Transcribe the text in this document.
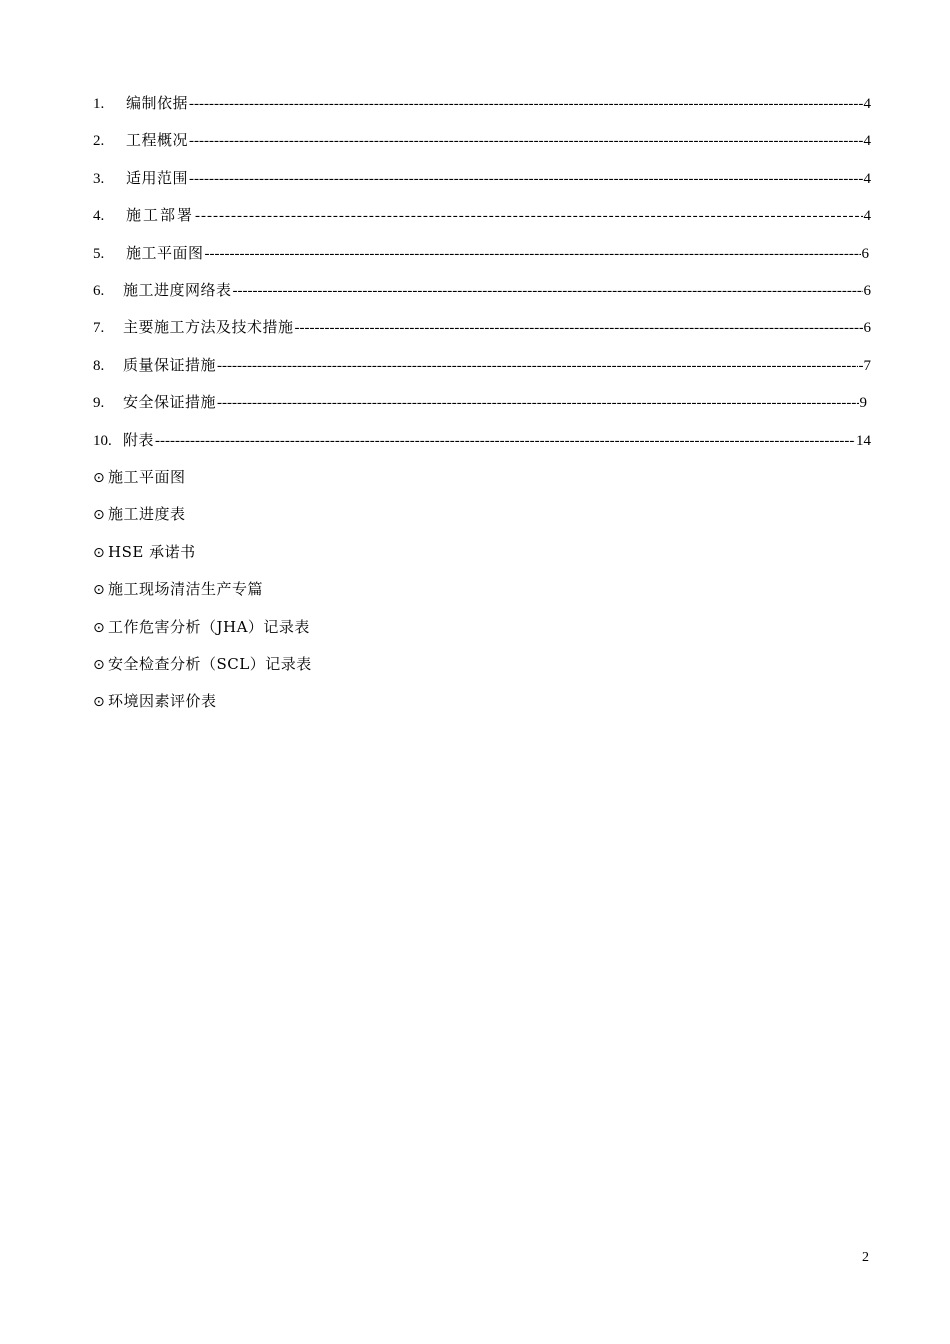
1.	编制依据 -----	4
2.	工程概况 -----	4
3.	适用范围 -----	4
4.	施工部署 -----	4
5.	施工平面图 -----	6
6.	施工进度网络表 -----	6
7.	主要施工方法及技术措施 -----	6
8.	质量保证措施 -----	-7
9.	安全保证措施 -----	9
10. 附表 -----	14
⊙ 施工平面图
⊙ 施工进度表
⊙ HSE 承诺书
⊙ 施工现场清洁生产专篇
⊙ 工作危害分析（JHA）记录表
⊙ 安全检查分析（SCL）记录表
⊙ 环境因素评价表
2
